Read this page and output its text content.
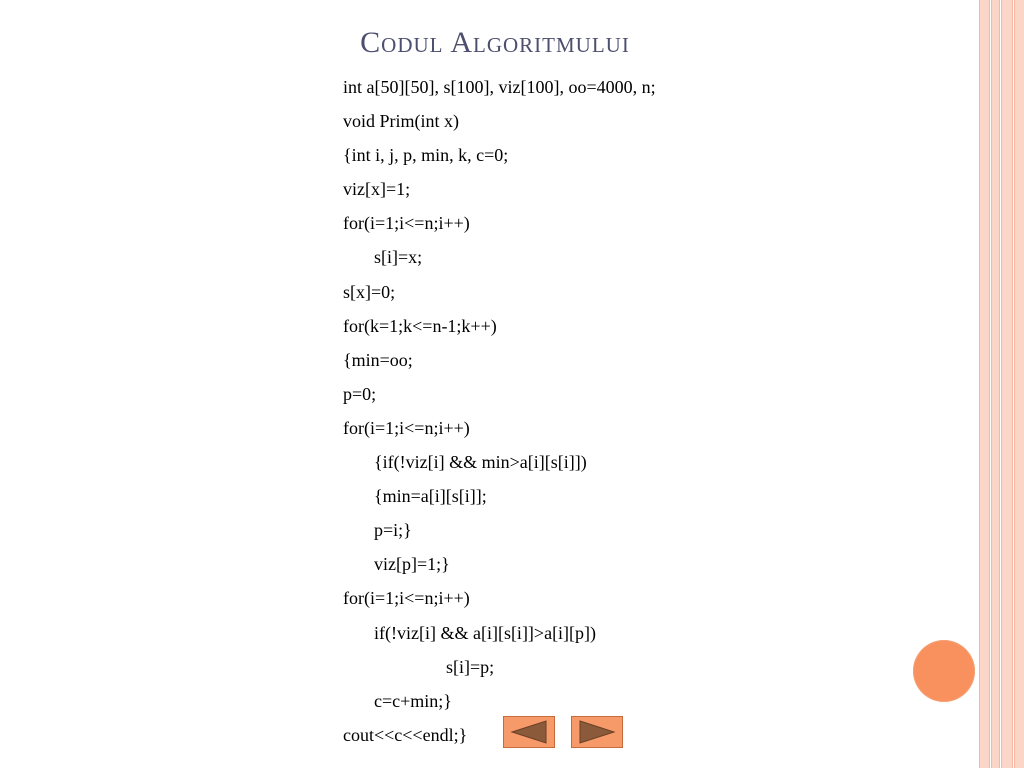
Codul Algoritmului
int a[50][50], s[100], viz[100], oo=4000, n;
void Prim(int x)
{int i, j, p, min, k, c=0;
viz[x]=1;
for(i=1;i<=n;i++)
s[i]=x;
s[x]=0;
for(k=1;k<=n-1;k++)
{min=oo;
p=0;
for(i=1;i<=n;i++)
{if(!viz[i] && min>a[i][s[i]])
{min=a[i][s[i]];
p=i;}
viz[p]=1;}
for(i=1;i<=n;i++)
if(!viz[i] && a[i][s[i]]>a[i][p])
s[i]=p;
c=c+min;}
cout<<c<<endl;}
